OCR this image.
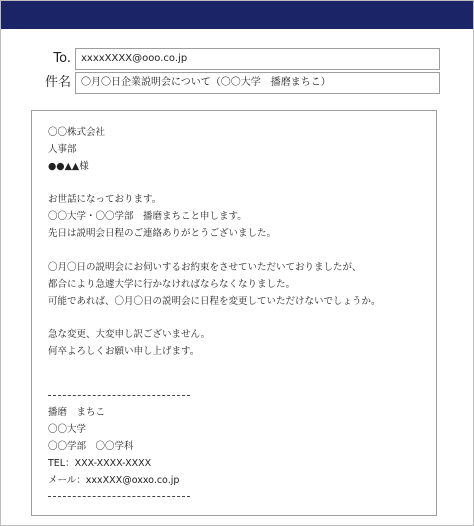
To.	xxxxXXXX@ooo.co.jp
件名	〇月〇日企業説明会について（〇〇大学　播磨まちこ）
〇〇株式会社
人事部
●●▲▲様
お世話になっております。
〇〇大学・〇〇学部　播磨まちこと申します。
先日は説明会日程のご連絡ありがとうございました。
〇月〇日の説明会にお伺いするお約束をさせていただいておりましたが、
都合により急遽大学に行かなければならなくなりました。
可能であれば、〇月〇日の説明会に日程を変更していただけないでしょうか。
急な変更、大変申し訳ございません。
何卒よろしくお願い申し上げます。
播磨　まちこ
〇〇大学
〇〇学部　〇〇学科
TEL：XXX-XXXX-XXXX
メール：xxxXXX@oxxo.co.jp
